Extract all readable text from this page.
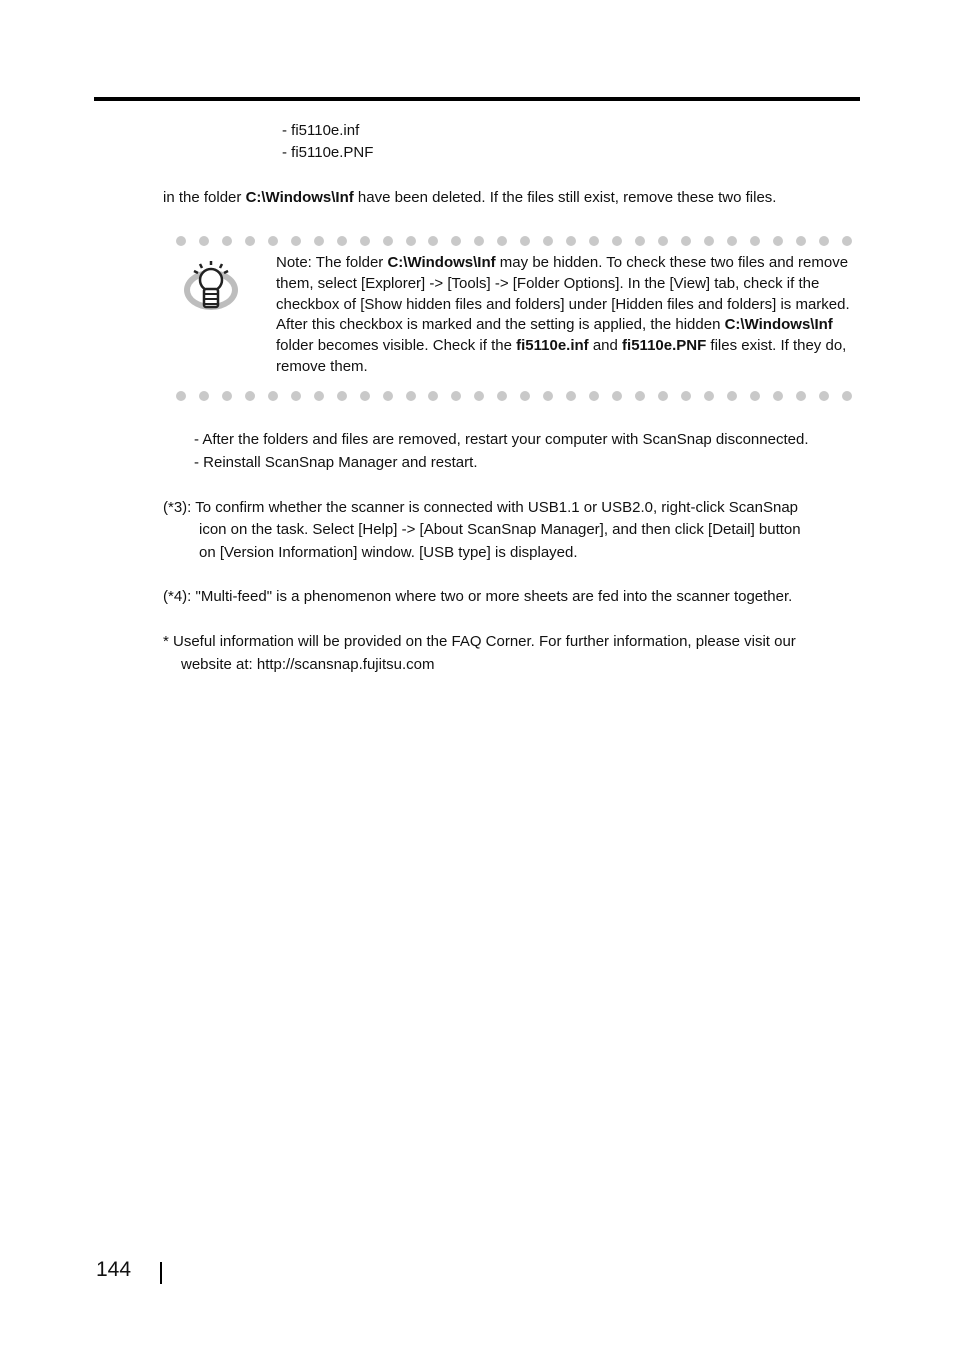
- fi5110e.inf
- fi5110e.PNF
in the folder C:\Windows\Inf have been deleted. If the files still exist, remove these two files.
Note: The folder C:\Windows\Inf may be hidden. To check these two files and remove them, select [Explorer] -> [Tools] -> [Folder Options]. In the [View] tab, check if the checkbox of [Show hidden files and folders] under [Hidden files and folders] is marked. After this checkbox is marked and the setting is applied, the hidden C:\Windows\Inf folder becomes visible. Check if the fi5110e.inf and fi5110e.PNF files exist. If they do, remove them.
- After the folders and files are removed, restart your computer with ScanSnap disconnected.
- Reinstall ScanSnap Manager and restart.
(*3): To confirm whether the scanner is connected with USB1.1 or USB2.0, right-click ScanSnap
icon on the task. Select [Help] -> [About ScanSnap Manager], and then click [Detail] button
on [Version Information] window. [USB type] is displayed.
(*4): "Multi-feed" is a phenomenon where two or more sheets are fed into the scanner together.
* Useful information will be provided on the FAQ Corner. For further information, please visit our
website at: http://scansnap.fujitsu.com
144
